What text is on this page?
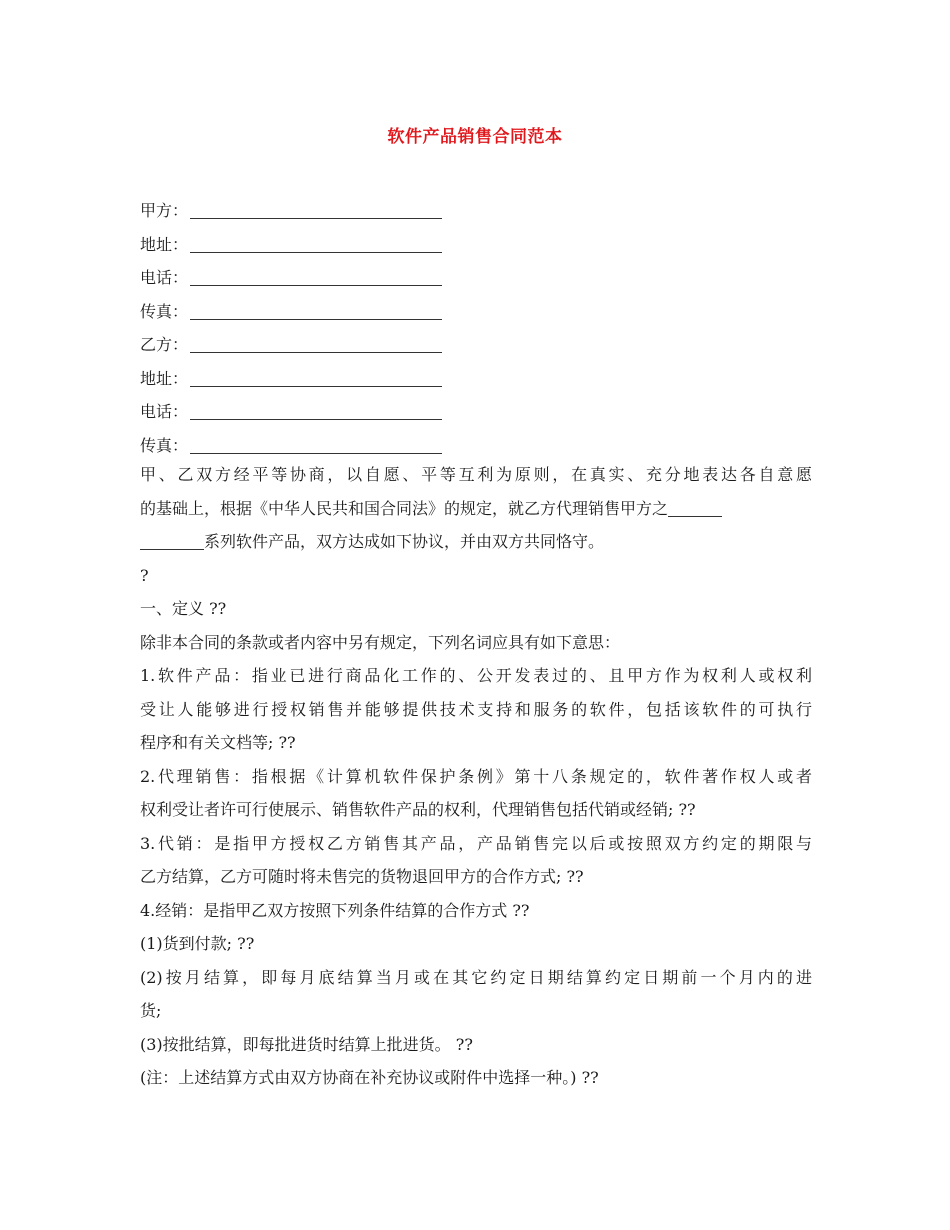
软件产品销售合同范本
甲方：
地址：
电话：
传真：
乙方：
地址：
电话：
传真：
甲、乙双方经平等协商，以自愿、平等互利为原则，在真实、充分地表达各自意愿
的基础上，根据《中华人民共和国合同法》的规定，就乙方代理销售甲方之
系列软件产品，双方达成如下协议，并由双方共同恪守。
?
一、定义 ??
除非本合同的条款或者内容中另有规定，下列名词应具有如下意思：
1.软件产品：指业已进行商品化工作的、公开发表过的、且甲方作为权利人或权利
受让人能够进行授权销售并能够提供技术支持和服务的软件，包括该软件的可执行
程序和有关文档等; ??
2.代理销售：指根据《计算机软件保护条例》第十八条规定的，软件著作权人或者
权利受让者许可行使展示、销售软件产品的权利，代理销售包括代销或经销; ??
3.代销：是指甲方授权乙方销售其产品，产品销售完以后或按照双方约定的期限与
乙方结算，乙方可随时将未售完的货物退回甲方的合作方式; ??
4.经销：是指甲乙双方按照下列条件结算的合作方式 ??
(1)货到付款; ??
(2)按月结算，即每月底结算当月或在其它约定日期结算约定日期前一个月内的进
货;
(3)按批结算，即每批进货时结算上批进货。 ??
(注：上述结算方式由双方协商在补充协议或附件中选择一种。) ??
